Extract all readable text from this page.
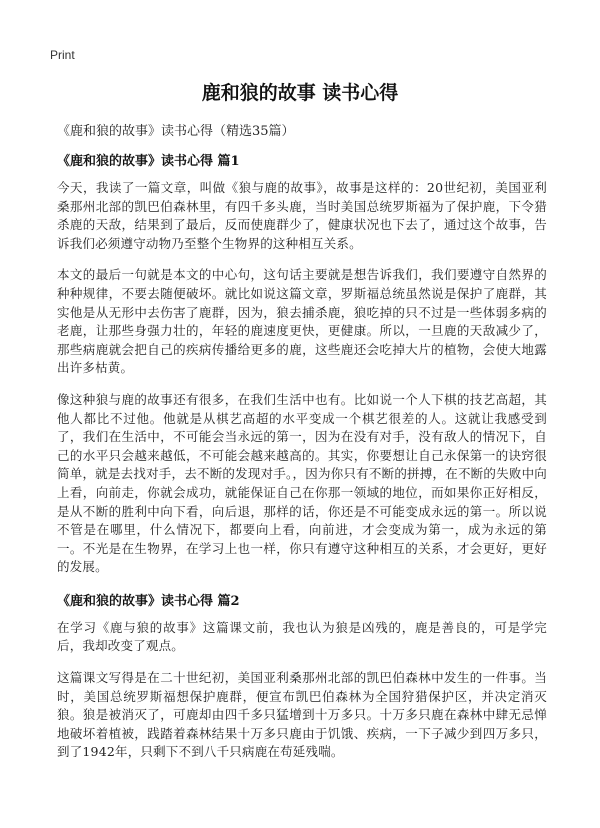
Print
鹿和狼的故事 读书心得
《鹿和狼的故事》读书心得（精选35篇）
《鹿和狼的故事》读书心得 篇1

今天，我读了一篇文章，叫做《狼与鹿的故事》，故事是这样的：20世纪初，美国亚利桑那州北部的凯巴伯森林里，有四千多头鹿，当时美国总统罗斯福为了保护鹿，下令猎杀鹿的天敌，结果到了最后，反而使鹿群少了，健康状况也下去了，通过这个故事，告诉我们必须遵守动物乃至整个生物界的这种相互关系。

本文的最后一句就是本文的中心句，这句话主要就是想告诉我们，我们要遵守自然界的种种规律，不要去随便破坏。就比如说这篇文章，罗斯福总统虽然说是保护了鹿群，其实他是从无形中去伤害了鹿群，因为，狼去捕杀鹿，狼吃掉的只不过是一些体弱多病的老鹿，让那些身强力壮的，年轻的鹿速度更快，更健康。所以，一旦鹿的天敌减少了，那些病鹿就会把自己的疾病传播给更多的鹿，这些鹿还会吃掉大片的植物，会使大地露出许多枯黄。

像这种狼与鹿的故事还有很多，在我们生活中也有。比如说一个人下棋的技艺高超，其他人都比不过他。他就是从棋艺高超的水平变成一个棋艺很差的人。这就让我感受到了，我们在生活中，不可能会当永远的第一，因为在没有对手，没有敌人的情况下，自己的水平只会越来越低，不可能会越来越高的。其实，你要想让自己永保第一的诀窍很简单，就是去找对手，去不断的发现对手。，因为你只有不断的拼搏，在不断的失败中向上看，向前走，你就会成功，就能保证自己在你那一领域的地位，而如果你正好相反，是从不断的胜利中向下看，向后退，那样的话，你还是不可能变成永远的第一。所以说不管是在哪里，什么情况下，都要向上看，向前进，才会变成为第一，成为永远的第一。不光是在生物界，在学习上也一样，你只有遵守这种相互的关系，才会更好，更好的发展。

《鹿和狼的故事》读书心得 篇2

在学习《鹿与狼的故事》这篇课文前，我也认为狼是凶残的，鹿是善良的，可是学完后，我却改变了观点。

这篇课文写得是在二十世纪初，美国亚利桑那州北部的凯巴伯森林中发生的一件事。当时，美国总统罗斯福想保护鹿群，便宣布凯巴伯森林为全国狩猎保护区，并决定消灭狼。狼是被消灭了，可鹿却由四千多只猛增到十万多只。十万多只鹿在森林中肆无忌惮地破坏着植被，践踏着森林结果十万多只鹿由于饥饿、疾病，一下子减少到四万多只，到了1942年，只剩下不到八千只病鹿在苟延残喘。
